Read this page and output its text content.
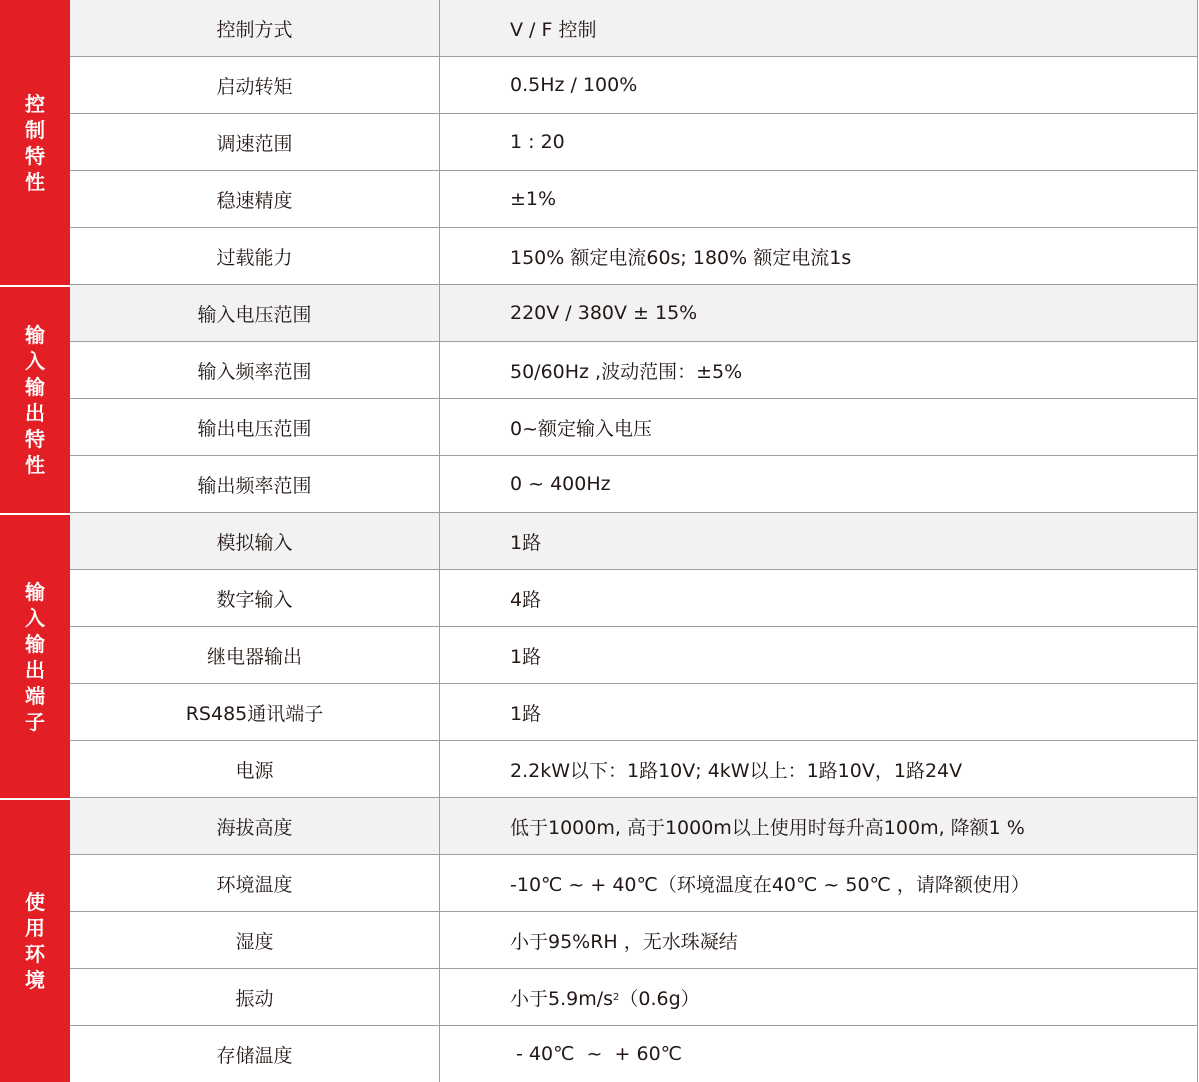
控制特性
控制方式	V / F 控制
启动转矩	0.5Hz / 100%
调速范围	1 : 20
稳速精度	±1%
过载能力	150% 额定电流60s; 180% 额定电流1s
输入输出特性
输入电压范围	220V / 380V ± 15%
输入频率范围	50/60Hz ,波动范围：±5%
输出电压范围	0~额定输入电压
输出频率范围	0 ~ 400Hz
输入输出端子
模拟输入	1路
数字输入	4路
继电器输出	1路
RS485通讯端子	1路
电源	2.2kW以下：1路10V; 4kW以上：1路10V，1路24V
使用环境
海拔高度	低于1000m, 高于1000m以上使用时每升高100m, 降额1 %
环境温度	-10℃ ~ + 40℃（环境温度在40℃ ~ 50℃ ，请降额使用）
湿度	小于95%RH ，无水珠凝结
振动	小于5.9m/s 2 （0.6g）
存储温度	- 40℃  ~  + 60℃
